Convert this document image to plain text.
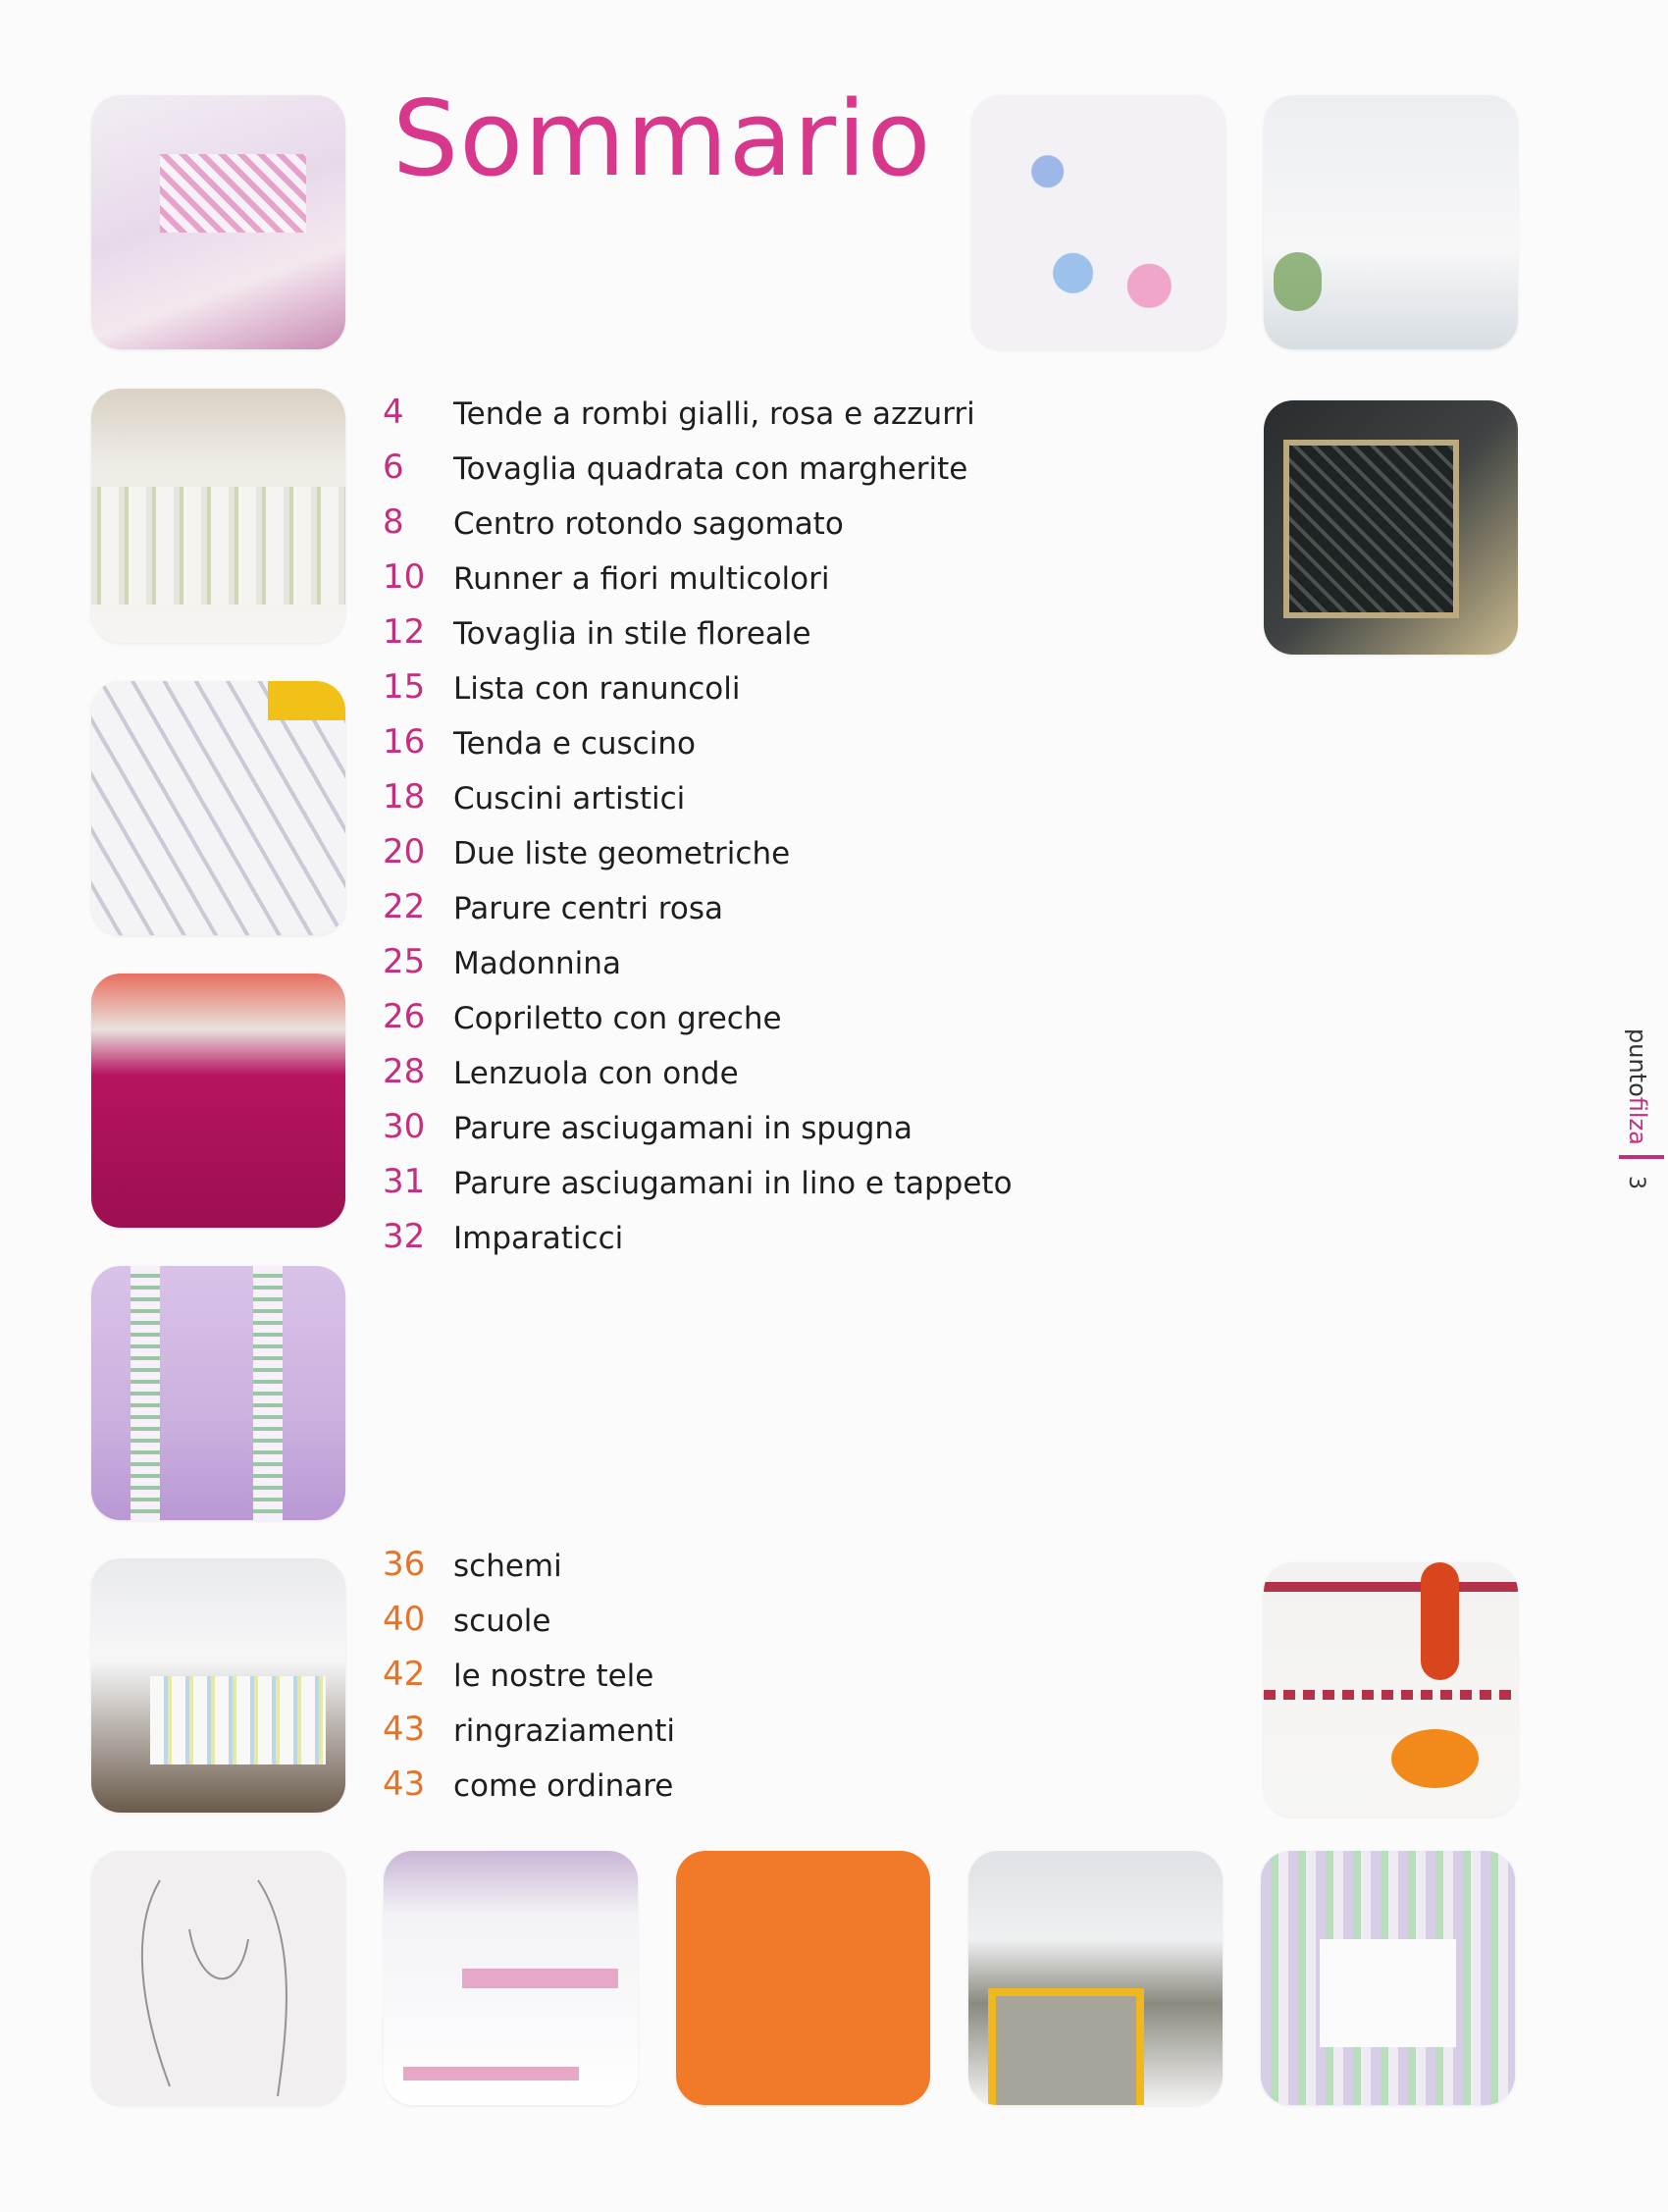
Sommario
4 Tende a rombi gialli, rosa e azzurri
6 Tovaglia quadrata con margherite
8 Centro rotondo sagomato
10 Runner a fiori multicolori
12 Tovaglia in stile floreale
15 Lista con ranuncoli
16 Tenda e cuscino
18 Cuscini artistici
20 Due liste geometriche
22 Parure centri rosa
25 Madonnina
26 Copriletto con greche
28 Lenzuola con onde
30 Parure asciugamani in spugna
31 Parure asciugamani in lino e tappeto
32 Imparaticci
36 schemi
40 scuole
42 le nostre tele
43 ringraziamenti
43 come ordinare
puntofilza
3
